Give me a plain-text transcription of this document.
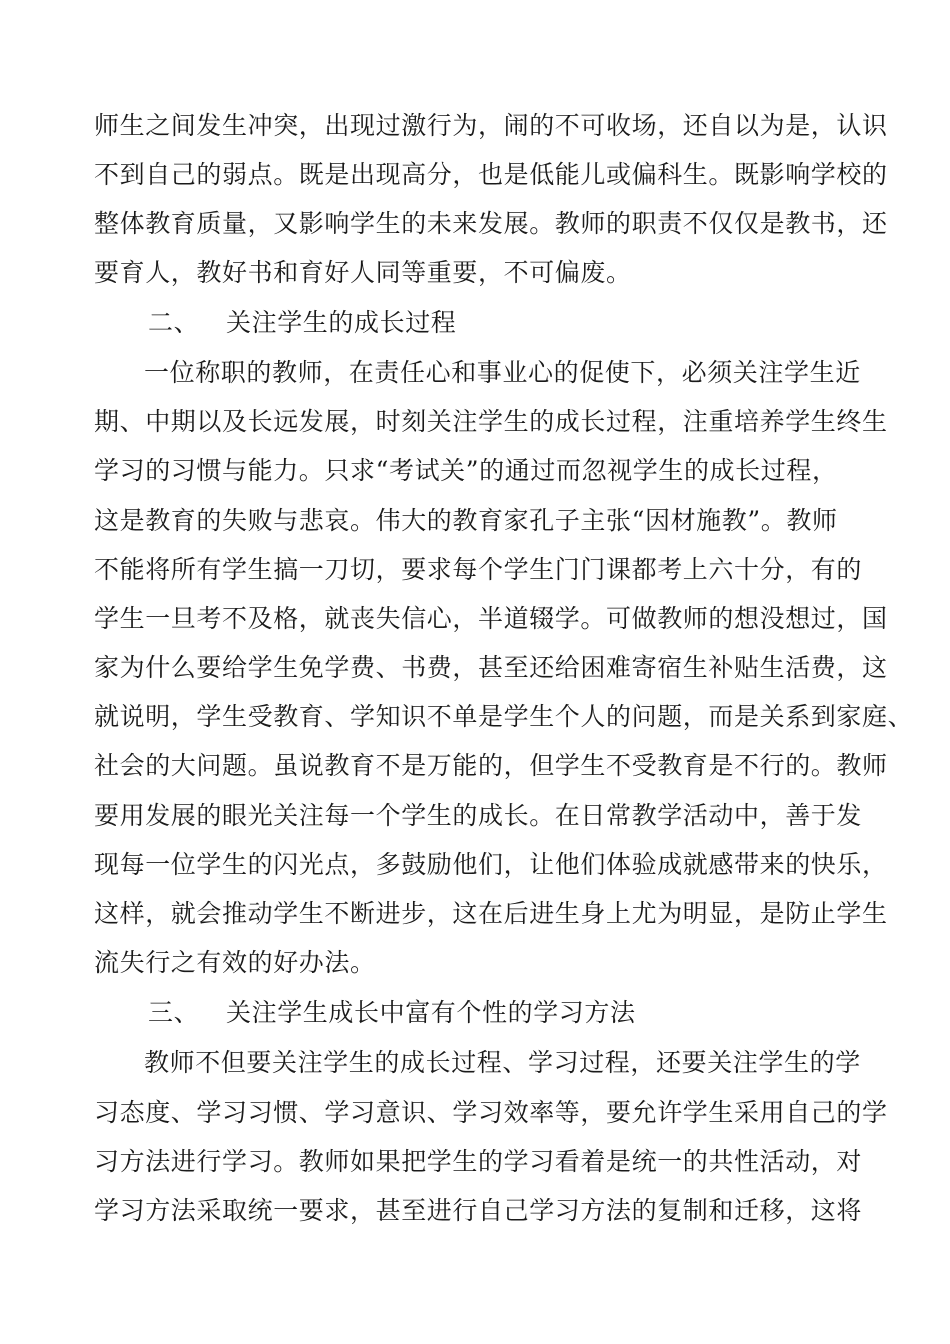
师生之间发生冲突，出现过激行为，闹的不可收场，还自以为是，认识
不到自己的弱点。既是出现高分，也是低能儿或偏科生。既影响学校的
整体教育质量，又影响学生的未来发展。教师的职责不仅仅是教书，还
要育人，教好书和育好人同等重要，不可偏废。
二、 关注学生的成长过程
一位称职的教师，在责任心和事业心的促使下，必须关注学生近
期、中期以及长远发展，时刻关注学生的成长过程，注重培养学生终生
学习的习惯与能力。只求“考试关”的通过而忽视学生的成长过程，
这是教育的失败与悲哀。伟大的教育家孔子主张“因材施教”。教师
不能将所有学生搞一刀切，要求每个学生门门课都考上六十分，有的
学生一旦考不及格，就丧失信心，半道辍学。可做教师的想没想过，国
家为什么要给学生免学费、书费，甚至还给困难寄宿生补贴生活费，这
就说明，学生受教育、学知识不单是学生个人的问题，而是关系到家庭、
社会的大问题。虽说教育不是万能的，但学生不受教育是不行的。教师
要用发展的眼光关注每一个学生的成长。在日常教学活动中，善于发
现每一位学生的闪光点，多鼓励他们，让他们体验成就感带来的快乐，
这样，就会推动学生不断进步，这在后进生身上尤为明显，是防止学生
流失行之有效的好办法。
三、 关注学生成长中富有个性的学习方法
教师不但要关注学生的成长过程、学习过程，还要关注学生的学
习态度、学习习惯、学习意识、学习效率等，要允许学生采用自己的学
习方法进行学习。教师如果把学生的学习看着是统一的共性活动，对
学习方法采取统一要求，甚至进行自己学习方法的复制和迁移，这将
